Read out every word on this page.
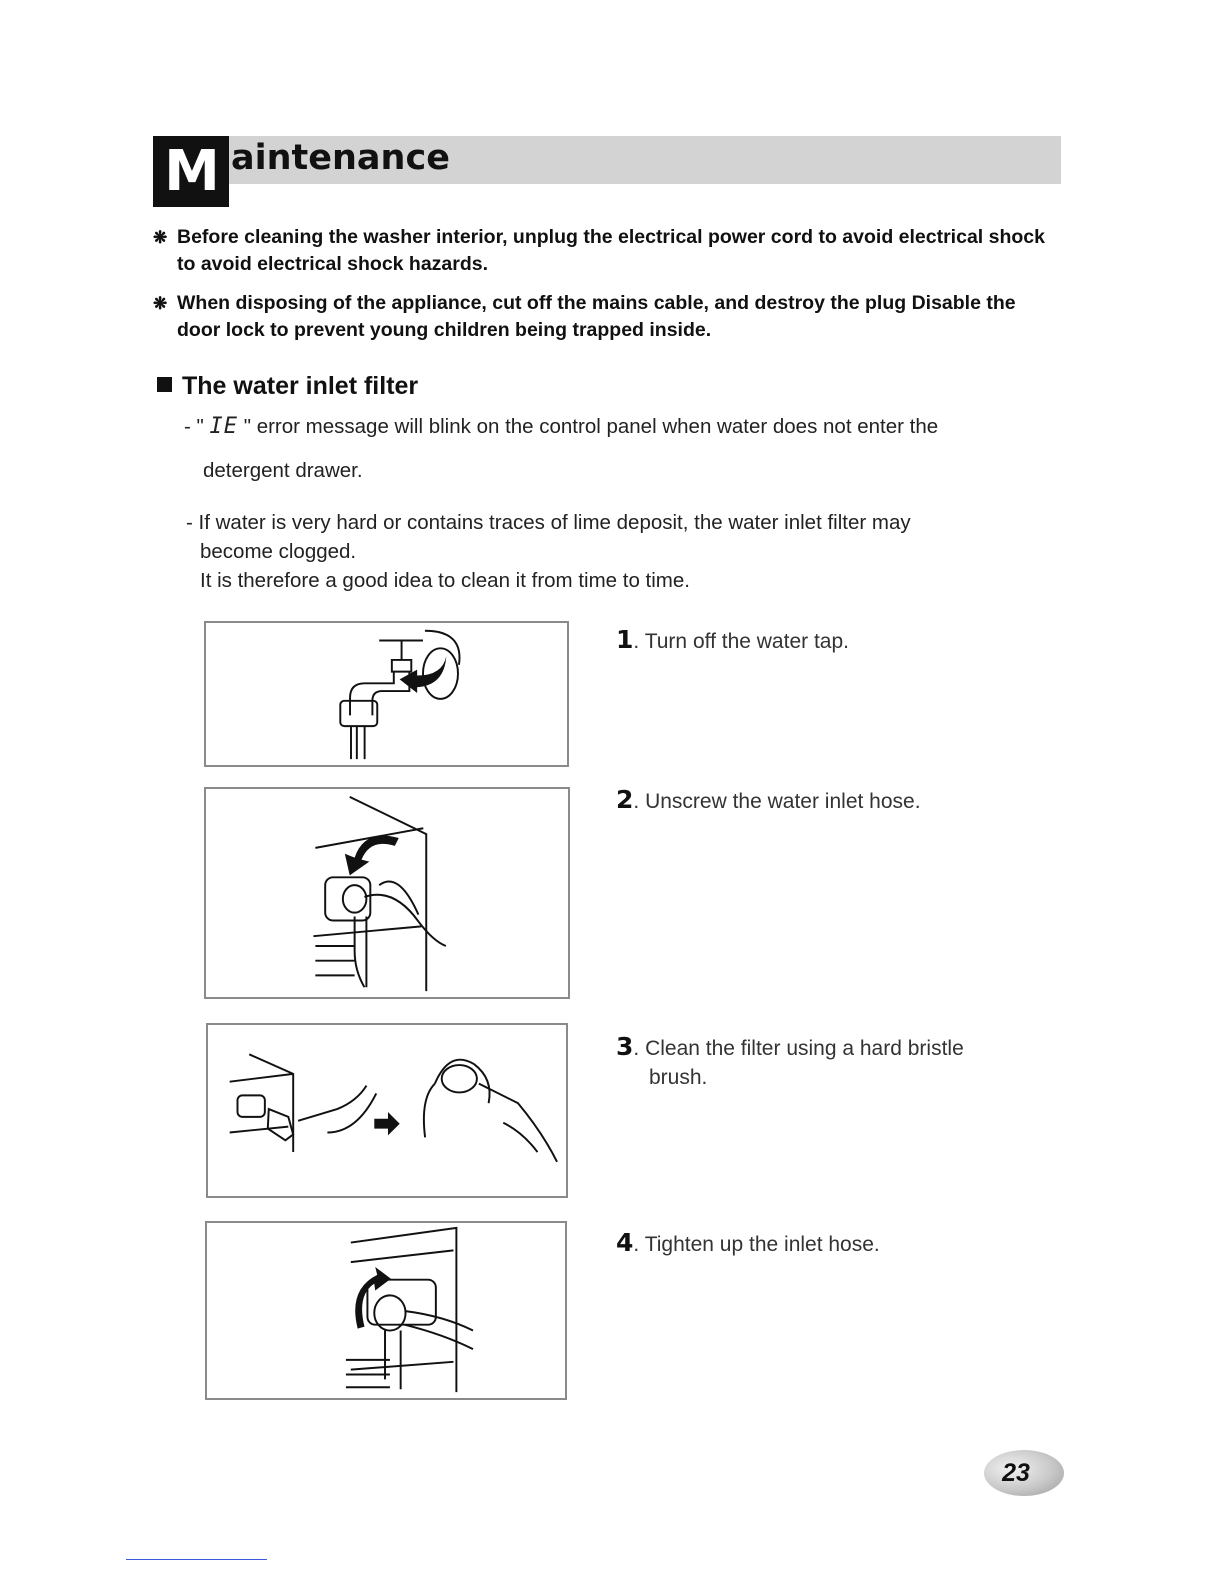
M aintenance
❋ Before cleaning the washer interior, unplug the electrical power cord to avoid electrical shock to avoid electrical shock hazards.
❋ When disposing of the appliance, cut off the mains cable, and destroy the plug Disable the door lock to prevent young children being trapped inside.
The water inlet filter
- " IE " error message will blink on the control panel when water does not enter the
detergent drawer.
- If water is very hard or contains traces of lime deposit, the water inlet filter may
become clogged.
It is therefore a good idea to clean it from time to time.
1. Turn off the water tap.
2. Unscrew the water inlet hose.
3. Clean the filter using a hard bristle
brush.
4. Tighten up the inlet hose.
23
